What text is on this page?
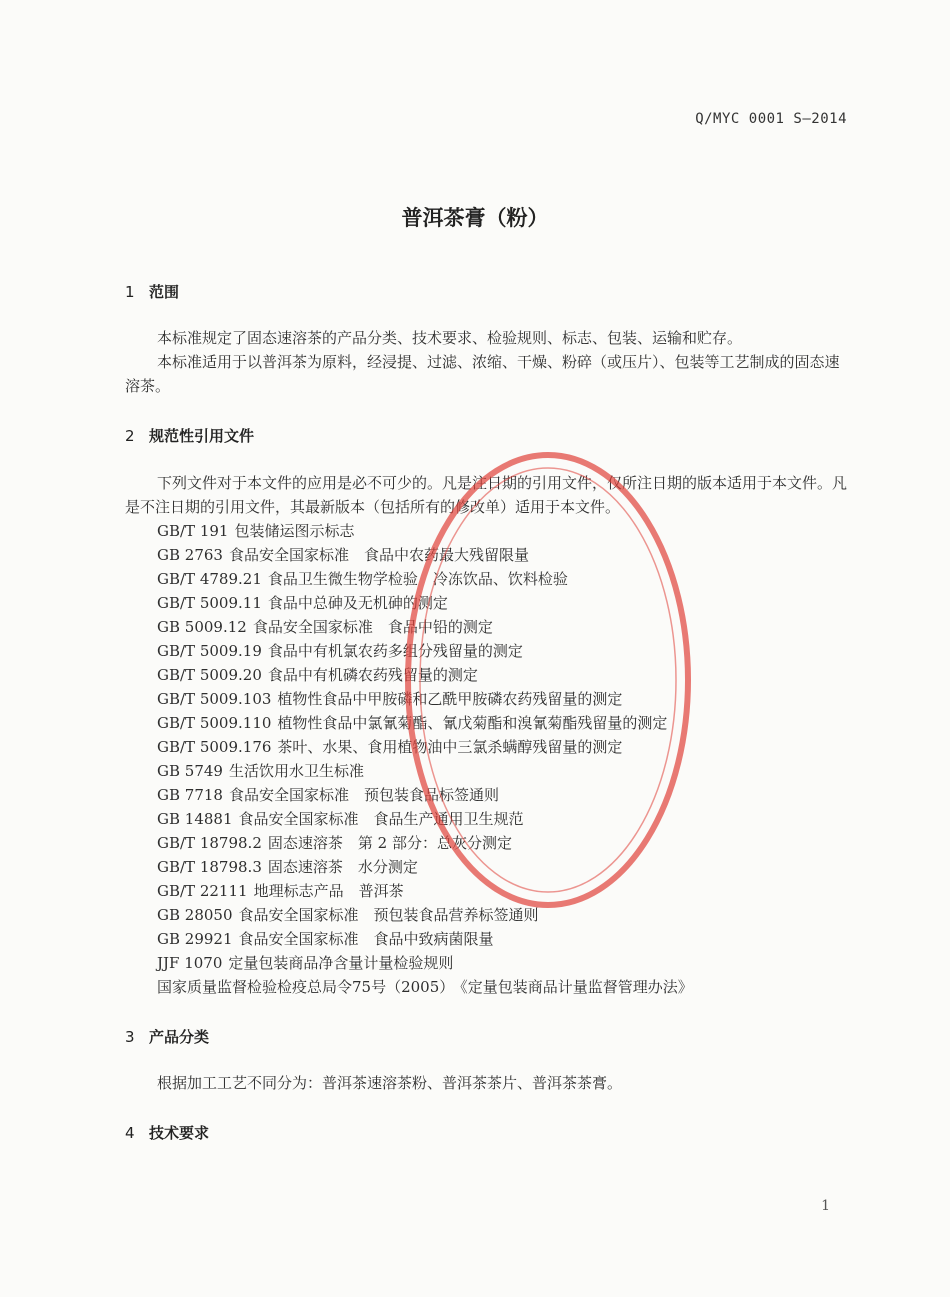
Q/MYC 0001 S—2014
普洱茶膏（粉）
1 范围
本标准规定了固态速溶茶的产品分类、技术要求、检验规则、标志、包装、运输和贮存。
本标准适用于以普洱茶为原料，经浸提、过滤、浓缩、干燥、粉碎（或压片）、包装等工艺制成的固态速溶茶。
2 规范性引用文件
下列文件对于本文件的应用是必不可少的。凡是注日期的引用文件，仅所注日期的版本适用于本文件。凡是不注日期的引用文件，其最新版本（包括所有的修改单）适用于本文件。
GB/T 191 包装储运图示标志
GB 2763 食品安全国家标准　食品中农药最大残留限量
GB/T 4789.21 食品卫生微生物学检验　冷冻饮品、饮料检验
GB/T 5009.11 食品中总砷及无机砷的测定
GB 5009.12 食品安全国家标准　食品中铅的测定
GB/T 5009.19 食品中有机氯农药多组分残留量的测定
GB/T 5009.20 食品中有机磷农药残留量的测定
GB/T 5009.103 植物性食品中甲胺磷和乙酰甲胺磷农药残留量的测定
GB/T 5009.110 植物性食品中氯氰菊酯、氰戊菊酯和溴氰菊酯残留量的测定
GB/T 5009.176 茶叶、水果、食用植物油中三氯杀螨醇残留量的测定
GB 5749 生活饮用水卫生标准
GB 7718 食品安全国家标准　预包装食品标签通则
GB 14881 食品安全国家标准　食品生产通用卫生规范
GB/T 18798.2 固态速溶茶　第 2 部分：总灰分测定
GB/T 18798.3 固态速溶茶　水分测定
GB/T 22111 地理标志产品　普洱茶
GB 28050 食品安全国家标准　预包装食品营养标签通则
GB 29921 食品安全国家标准　食品中致病菌限量
JJF 1070 定量包装商品净含量计量检验规则
国家质量监督检验检疫总局令75号（2005） 《定量包装商品计量监督管理办法》
3 产品分类
根据加工工艺不同分为：普洱茶速溶茶粉、普洱茶茶片、普洱茶茶膏。
4 技术要求
1
